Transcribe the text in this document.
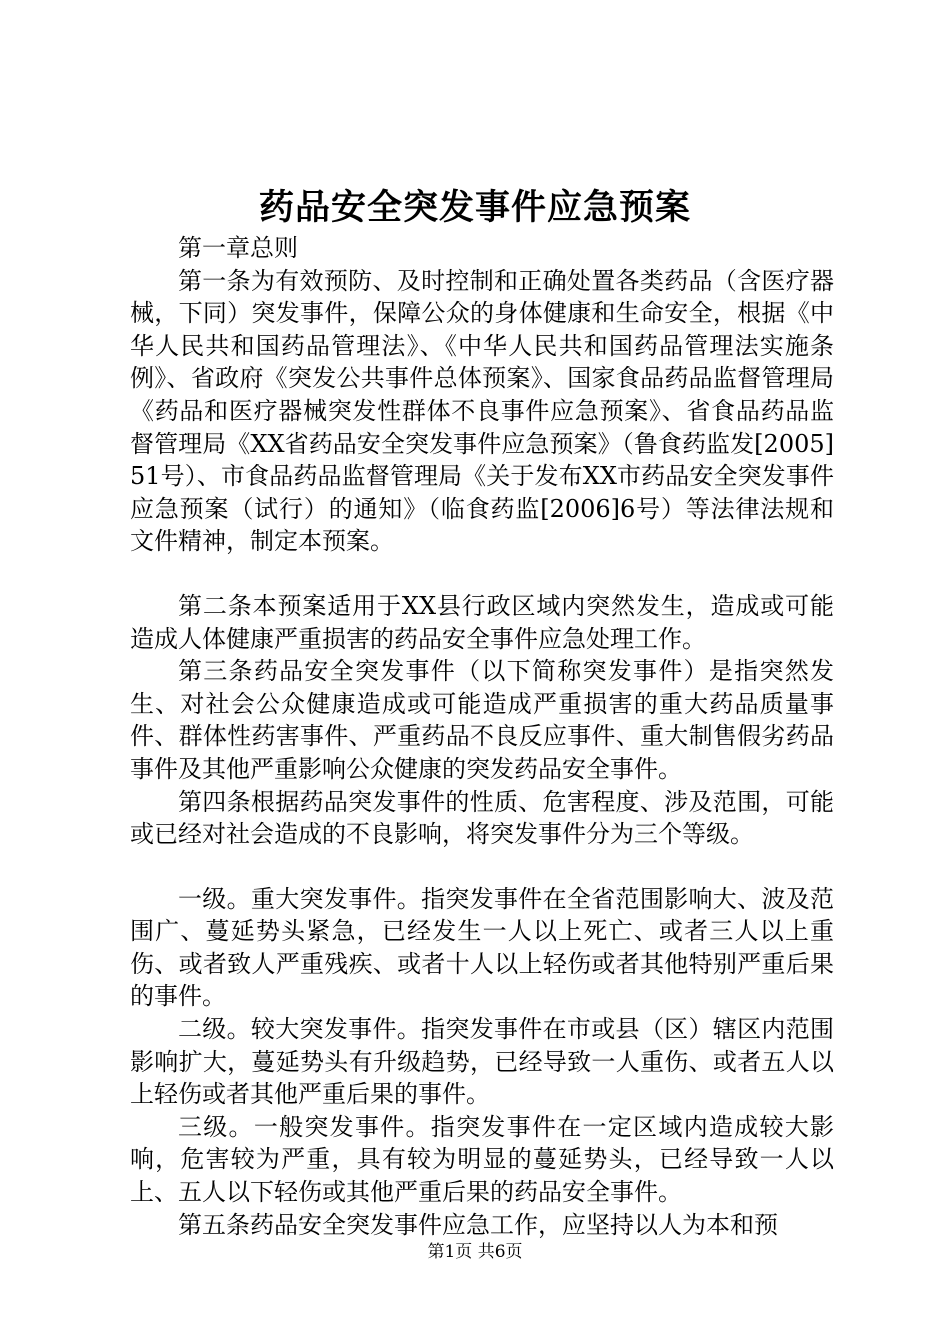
药品安全突发事件应急预案

第一章总则

第一条为有效预防、及时控制和正确处置各类药品（含医疗器械，下同）突发事件，保障公众的身体健康和生命安全，根据《中华人民共和国药品管理法》、《中华人民共和国药品管理法实施条例》、省政府《突发公共事件总体预案》、国家食品药品监督管理局《药品和医疗器械突发性群体不良事件应急预案》、省食品药品监督管理局《XX省药品安全突发事件应急预案》（鲁食药监发[2005]51号）、市食品药品监督管理局《关于发布XX市药品安全突发事件应急预案（试行）的通知》（临食药监[2006]6号）等法律法规和文件精神，制定本预案。

第二条本预案适用于XX县行政区域内突然发生，造成或可能造成人体健康严重损害的药品安全事件应急处理工作。

第三条药品安全突发事件（以下简称突发事件）是指突然发生、对社会公众健康造成或可能造成严重损害的重大药品质量事件、群体性药害事件、严重药品不良反应事件、重大制售假劣药品事件及其他严重影响公众健康的突发药品安全事件。

第四条根据药品突发事件的性质、危害程度、涉及范围，可能或已经对社会造成的不良影响，将突发事件分为三个等级。

一级。重大突发事件。指突发事件在全省范围影响大、波及范围广、蔓延势头紧急，已经发生一人以上死亡、或者三人以上重伤、或者致人严重残疾、或者十人以上轻伤或者其他特别严重后果的事件。

二级。较大突发事件。指突发事件在市或县（区）辖区内范围影响扩大，蔓延势头有升级趋势，已经导致一人重伤、或者五人以上轻伤或者其他严重后果的事件。

三级。一般突发事件。指突发事件在一定区域内造成较大影响，危害较为严重，具有较为明显的蔓延势头，已经导致一人以上、五人以下轻伤或其他严重后果的药品安全事件。

第五条药品安全突发事件应急工作，应坚持以人为本和预

第1页 共6页
